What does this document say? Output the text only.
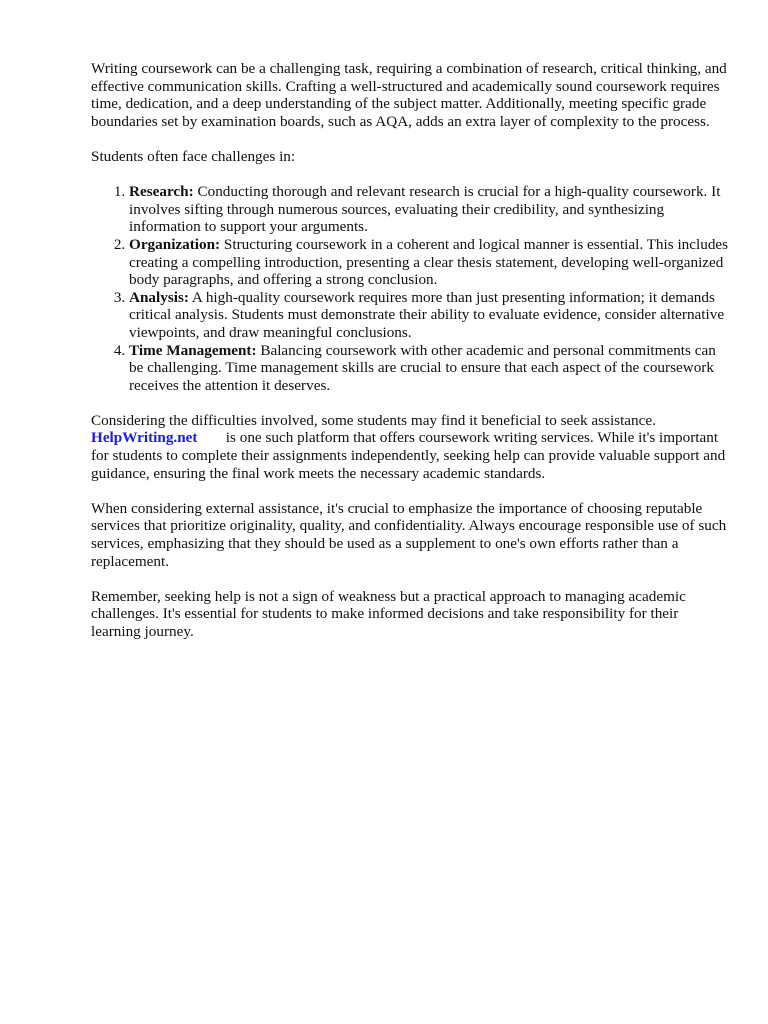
Writing coursework can be a challenging task, requiring a combination of research, critical thinking, and effective communication skills. Crafting a well-structured and academically sound coursework requires time, dedication, and a deep understanding of the subject matter. Additionally, meeting specific grade boundaries set by examination boards, such as AQA, adds an extra layer of complexity to the process.

Students often face challenges in:

1. Research: Conducting thorough and relevant research is crucial for a high-quality coursework. It involves sifting through numerous sources, evaluating their credibility, and synthesizing information to support your arguments.
2. Organization: Structuring coursework in a coherent and logical manner is essential. This includes creating a compelling introduction, presenting a clear thesis statement, developing well-organized body paragraphs, and offering a strong conclusion.
3. Analysis: A high-quality coursework requires more than just presenting information; it demands critical analysis. Students must demonstrate their ability to evaluate evidence, consider alternative viewpoints, and draw meaningful conclusions.
4. Time Management: Balancing coursework with other academic and personal commitments can be challenging. Time management skills are crucial to ensure that each aspect of the coursework receives the attention it deserves.

Considering the difficulties involved, some students may find it beneficial to seek assistance.
HelpWriting.net is one such platform that offers coursework writing services. While it's important for students to complete their assignments independently, seeking help can provide valuable support and guidance, ensuring the final work meets the necessary academic standards.

When considering external assistance, it's crucial to emphasize the importance of choosing reputable services that prioritize originality, quality, and confidentiality. Always encourage responsible use of such services, emphasizing that they should be used as a supplement to one's own efforts rather than a replacement.

Remember, seeking help is not a sign of weakness but a practical approach to managing academic challenges. It's essential for students to make informed decisions and take responsibility for their learning journey.
